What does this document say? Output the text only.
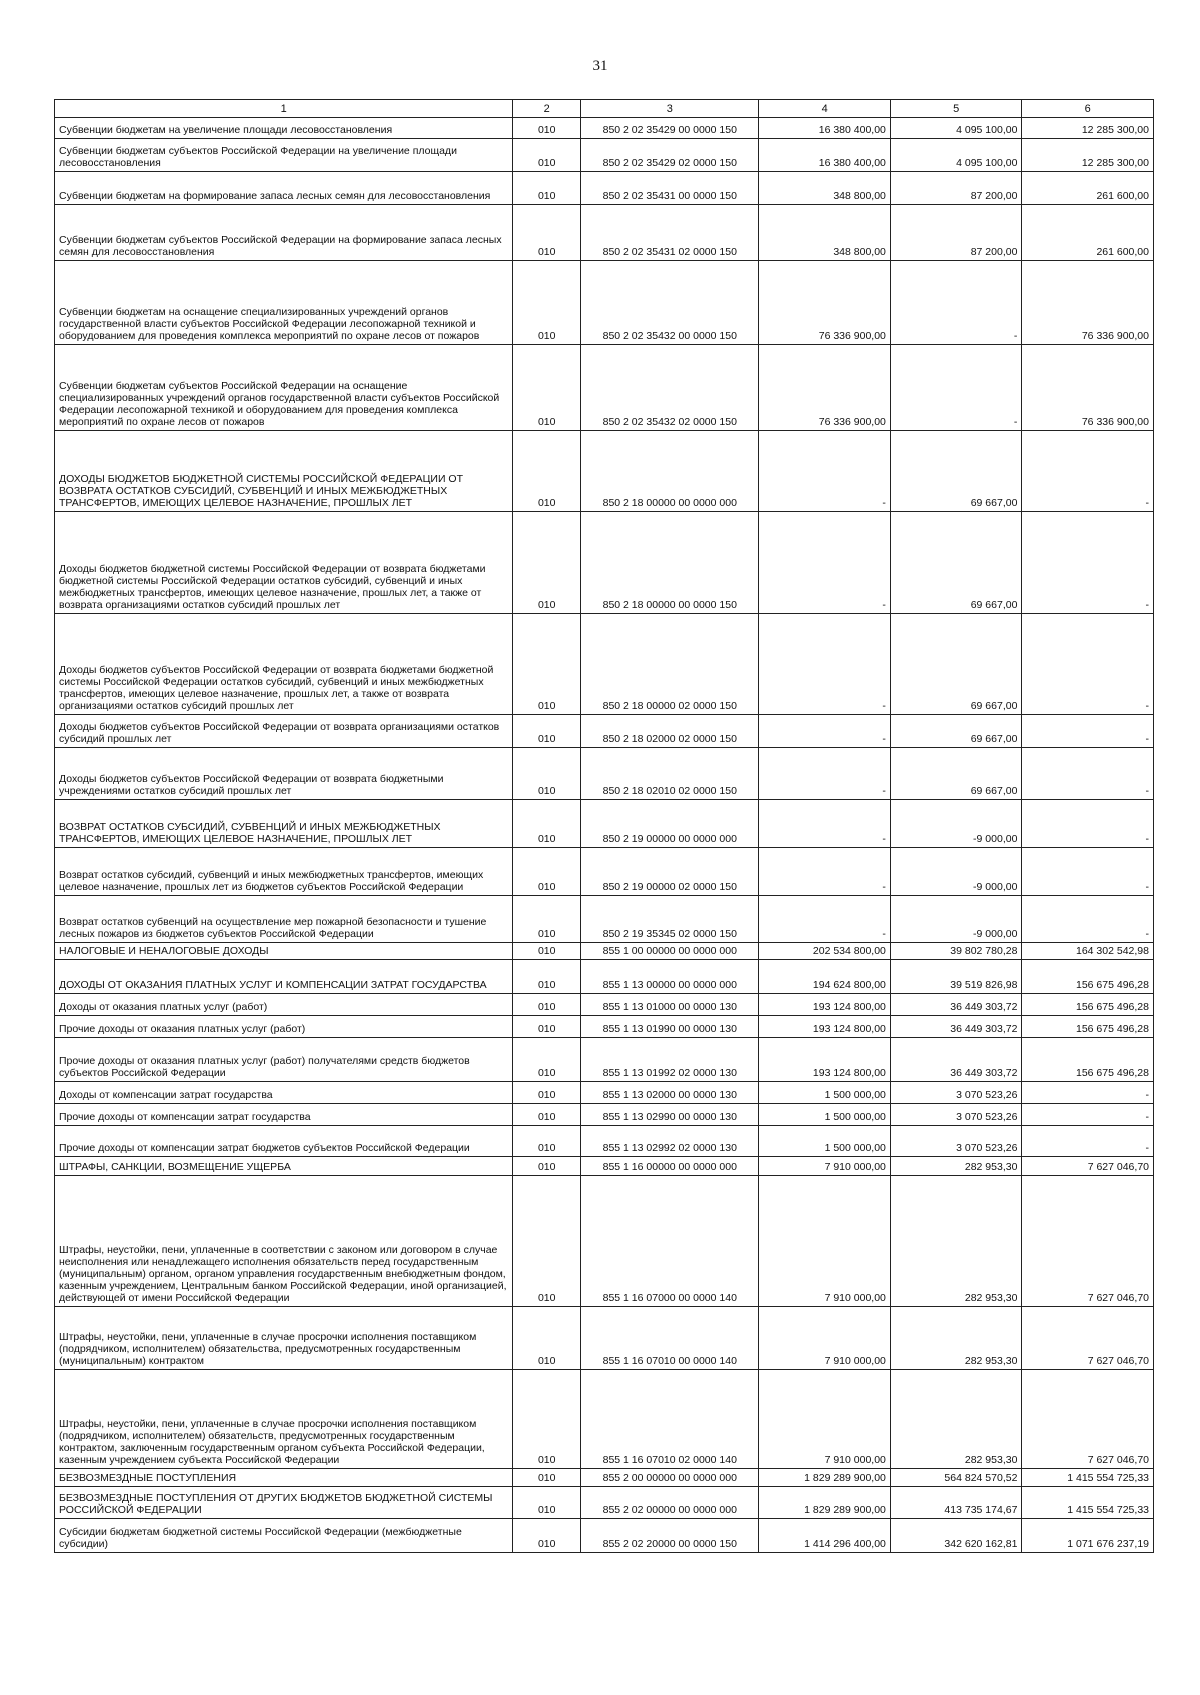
31
1	2	3	4	5	6
Субвенции бюджетам на увеличение площади лесовосстановления	010	850 2 02 35429 00 0000 150	16 380 400,00	4 095 100,00	12 285 300,00
Субвенции бюджетам субъектов Российской Федерации на увеличение площади лесовосстановления	010	850 2 02 35429 02 0000 150	16 380 400,00	4 095 100,00	12 285 300,00
Субвенции бюджетам на формирование запаса лесных семян для лесовосстановления	010	850 2 02 35431 00 0000 150	348 800,00	87 200,00	261 600,00
Субвенции бюджетам субъектов Российской Федерации на формирование запаса лесных семян для лесовосстановления	010	850 2 02 35431 02 0000 150	348 800,00	87 200,00	261 600,00
Субвенции бюджетам на оснащение специализированных учреждений органов государственной власти субъектов Российской Федерации лесопожарной техникой и оборудованием для проведения комплекса мероприятий по охране лесов от пожаров	010	850 2 02 35432 00 0000 150	76 336 900,00	-	76 336 900,00
Субвенции бюджетам субъектов Российской Федерации на оснащение специализированных учреждений органов государственной власти субъектов Российской Федерации лесопожарной техникой и оборудованием для проведения комплекса мероприятий по охране лесов от пожаров	010	850 2 02 35432 02 0000 150	76 336 900,00	-	76 336 900,00
ДОХОДЫ БЮДЖЕТОВ БЮДЖЕТНОЙ СИСТЕМЫ РОССИЙСКОЙ ФЕДЕРАЦИИ ОТ ВОЗВРАТА ОСТАТКОВ СУБСИДИЙ, СУБВЕНЦИЙ И ИНЫХ МЕЖБЮДЖЕТНЫХ ТРАНСФЕРТОВ, ИМЕЮЩИХ ЦЕЛЕВОЕ НАЗНАЧЕНИЕ, ПРОШЛЫХ ЛЕТ	010	850 2 18 00000 00 0000 000	-	69 667,00	-
Доходы бюджетов бюджетной системы Российской Федерации от возврата бюджетами бюджетной системы Российской Федерации остатков субсидий, субвенций и иных межбюджетных трансфертов, имеющих целевое назначение, прошлых лет, а также от возврата организациями остатков субсидий прошлых лет	010	850 2 18 00000 00 0000 150	-	69 667,00	-
Доходы бюджетов субъектов Российской Федерации от возврата бюджетами бюджетной системы Российской Федерации остатков субсидий, субвенций и иных межбюджетных трансфертов, имеющих целевое назначение, прошлых лет, а также от возврата организациями остатков субсидий прошлых лет	010	850 2 18 00000 02 0000 150	-	69 667,00	-
Доходы бюджетов субъектов Российской Федерации от возврата организациями остатков субсидий прошлых лет	010	850 2 18 02000 02 0000 150	-	69 667,00	-
Доходы бюджетов субъектов Российской Федерации от возврата бюджетными учреждениями остатков субсидий прошлых лет	010	850 2 18 02010 02 0000 150	-	69 667,00	-
ВОЗВРАТ ОСТАТКОВ СУБСИДИЙ, СУБВЕНЦИЙ И ИНЫХ МЕЖБЮДЖЕТНЫХ ТРАНСФЕРТОВ, ИМЕЮЩИХ ЦЕЛЕВОЕ НАЗНАЧЕНИЕ, ПРОШЛЫХ ЛЕТ	010	850 2 19 00000 00 0000 000	-	-9 000,00	-
Возврат остатков субсидий, субвенций и иных межбюджетных трансфертов, имеющих целевое назначение, прошлых лет из бюджетов субъектов Российской Федерации	010	850 2 19 00000 02 0000 150	-	-9 000,00	-
Возврат остатков субвенций на осуществление мер пожарной безопасности и тушение лесных пожаров из бюджетов субъектов Российской Федерации	010	850 2 19 35345 02 0000 150	-	-9 000,00	-
НАЛОГОВЫЕ И НЕНАЛОГОВЫЕ ДОХОДЫ	010	855 1 00 00000 00 0000 000	202 534 800,00	39 802 780,28	164 302 542,98
ДОХОДЫ ОТ ОКАЗАНИЯ ПЛАТНЫХ УСЛУГ И КОМПЕНСАЦИИ ЗАТРАТ ГОСУДАРСТВА	010	855 1 13 00000 00 0000 000	194 624 800,00	39 519 826,98	156 675 496,28
Доходы от оказания платных услуг (работ)	010	855 1 13 01000 00 0000 130	193 124 800,00	36 449 303,72	156 675 496,28
Прочие доходы от оказания платных услуг (работ)	010	855 1 13 01990 00 0000 130	193 124 800,00	36 449 303,72	156 675 496,28
Прочие доходы от оказания платных услуг (работ) получателями средств бюджетов субъектов Российской Федерации	010	855 1 13 01992 02 0000 130	193 124 800,00	36 449 303,72	156 675 496,28
Доходы от компенсации затрат государства	010	855 1 13 02000 00 0000 130	1 500 000,00	3 070 523,26	-
Прочие доходы от компенсации затрат государства	010	855 1 13 02990 00 0000 130	1 500 000,00	3 070 523,26	-
Прочие доходы от компенсации затрат бюджетов субъектов Российской Федерации	010	855 1 13 02992 02 0000 130	1 500 000,00	3 070 523,26	-
ШТРАФЫ, САНКЦИИ, ВОЗМЕЩЕНИЕ УЩЕРБА	010	855 1 16 00000 00 0000 000	7 910 000,00	282 953,30	7 627 046,70
Штрафы, неустойки, пени, уплаченные в соответствии с законом или договором в случае неисполнения или ненадлежащего исполнения обязательств перед государственным (муниципальным) органом, органом управления государственным внебюджетным фондом, казенным учреждением, Центральным банком Российской Федерации, иной организацией, действующей от имени Российской Федерации	010	855 1 16 07000 00 0000 140	7 910 000,00	282 953,30	7 627 046,70
Штрафы, неустойки, пени, уплаченные в случае просрочки исполнения поставщиком (подрядчиком, исполнителем) обязательства, предусмотренных государственным (муниципальным) контрактом	010	855 1 16 07010 00 0000 140	7 910 000,00	282 953,30	7 627 046,70
Штрафы, неустойки, пени, уплаченные в случае просрочки исполнения поставщиком (подрядчиком, исполнителем) обязательств, предусмотренных государственным контрактом, заключенным государственным органом субъекта Российской Федерации, казенным учреждением субъекта Российской Федерации	010	855 1 16 07010 02 0000 140	7 910 000,00	282 953,30	7 627 046,70
БЕЗВОЗМЕЗДНЫЕ ПОСТУПЛЕНИЯ	010	855 2 00 00000 00 0000 000	1 829 289 900,00	564 824 570,52	1 415 554 725,33
БЕЗВОЗМЕЗДНЫЕ ПОСТУПЛЕНИЯ ОТ ДРУГИХ БЮДЖЕТОВ БЮДЖЕТНОЙ СИСТЕМЫ РОССИЙСКОЙ ФЕДЕРАЦИИ	010	855 2 02 00000 00 0000 000	1 829 289 900,00	413 735 174,67	1 415 554 725,33
Субсидии бюджетам бюджетной системы Российской Федерации (межбюджетные субсидии)	010	855 2 02 20000 00 0000 150	1 414 296 400,00	342 620 162,81	1 071 676 237,19
